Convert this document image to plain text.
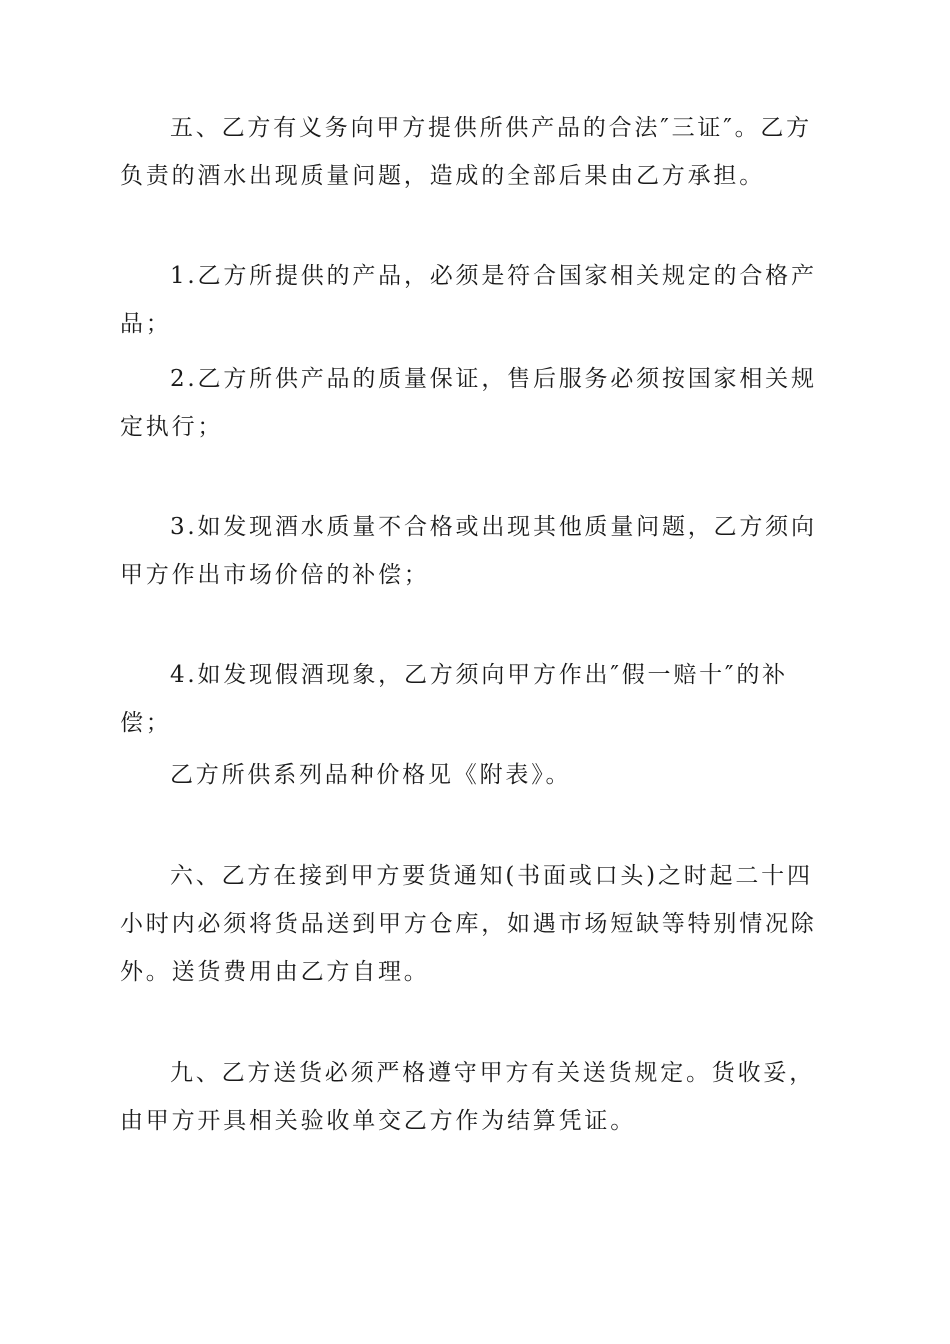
五、乙方有义务向甲方提供所供产品的合法″三证″。乙方负责的酒水出现质量问题，造成的全部后果由乙方承担。

1.乙方所提供的产品，必须是符合国家相关规定的合格产品；

2.乙方所供产品的质量保证，售后服务必须按国家相关规定执行；

3.如发现酒水质量不合格或出现其他质量问题，乙方须向甲方作出市场价倍的补偿；

4.如发现假酒现象，乙方须向甲方作出″假一赔十″的补偿；

乙方所供系列品种价格见《附表》。

六、乙方在接到甲方要货通知(书面或口头)之时起二十四小时内必须将货品送到甲方仓库，如遇市场短缺等特别情况除外。送货费用由乙方自理。

九、乙方送货必须严格遵守甲方有关送货规定。货收妥，由甲方开具相关验收单交乙方作为结算凭证。
